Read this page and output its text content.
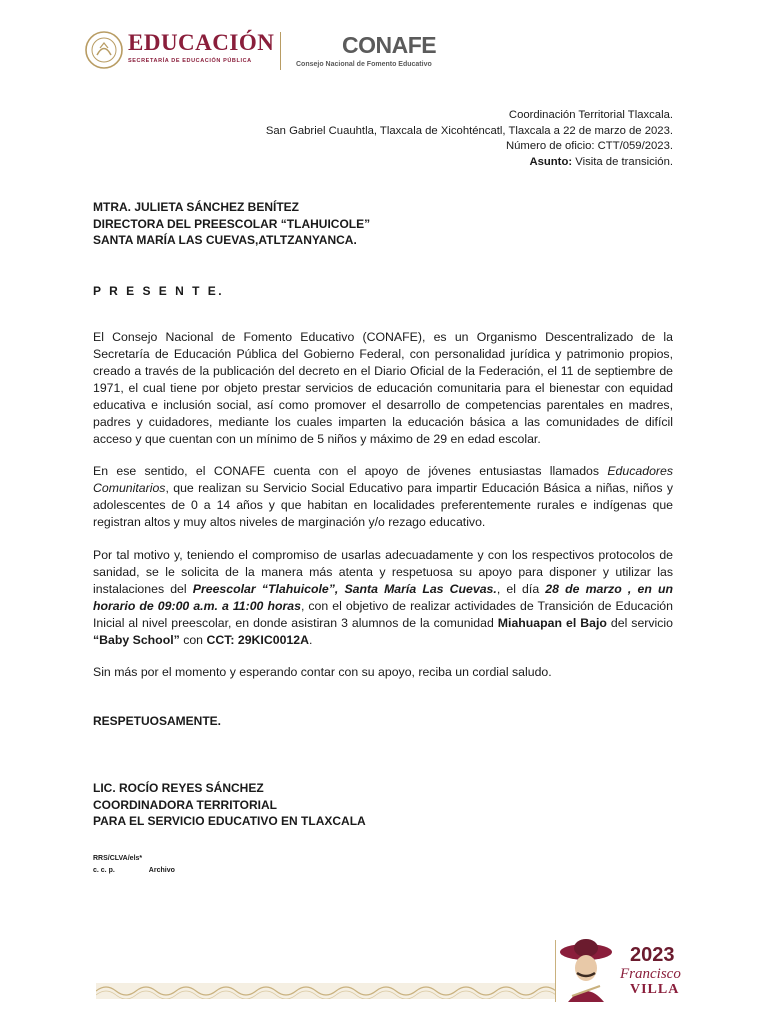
EDUCACIÓN
SECRETARÍA DE EDUCACIÓN PÚBLICA
CONAFE
Consejo Nacional de Fomento Educativo
Coordinación Territorial Tlaxcala.
San Gabriel Cuauhtla, Tlaxcala de Xicohténcatl, Tlaxcala a 22 de marzo de 2023.
Número de oficio: CTT/059/2023.
Asunto: Visita de transición.
MTRA. JULIETA SÁNCHEZ BENÍTEZ
DIRECTORA DEL PREESCOLAR “TLAHUICOLE”
SANTA MARÍA LAS CUEVAS,ATLTZANYANCA.
P R E S E N T E.

El Consejo Nacional de Fomento Educativo (CONAFE), es un Organismo Descentralizado de la Secretaría de Educación Pública del Gobierno Federal, con personalidad jurídica y patrimonio propios, creado a través de la publicación del decreto en el Diario Oficial de la Federación, el 11 de septiembre de 1971, el cual tiene por objeto prestar servicios de educación comunitaria para el bienestar con equidad educativa e inclusión social, así como promover el desarrollo de competencias parentales en madres, padres y cuidadores, mediante los cuales imparten la educación básica a las comunidades de difícil acceso y que cuentan con un mínimo de 5 niños y máximo de 29 en edad escolar.

En ese sentido, el CONAFE cuenta con el apoyo de jóvenes entusiastas llamados Educadores Comunitarios, que realizan su Servicio Social Educativo para impartir Educación Básica a niñas, niños y adolescentes de 0 a 14 años y que habitan en localidades preferentemente rurales e indígenas que registran altos y muy altos niveles de marginación y/o rezago educativo.

Por tal motivo y, teniendo el compromiso de usarlas adecuadamente y con los respectivos protocolos de sanidad, se le solicita de la manera más atenta y respetuosa su apoyo para disponer y utilizar las instalaciones del Preescolar “Tlahuicole”, Santa María Las Cuevas., el día 28 de marzo , en un horario de 09:00 a.m. a 11:00 horas, con el objetivo de realizar actividades de Transición de Educación Inicial al nivel preescolar, en donde asistiran 3 alumnos de la comunidad Miahuapan el Bajo del servicio “Baby School” con CCT: 29KIC0012A.

Sin más por el momento y esperando contar con su apoyo, reciba un cordial saludo.

RESPETUOSAMENTE.
LIC. ROCÍO REYES SÁNCHEZ
COORDINADORA TERRITORIAL
PARA EL SERVICIO EDUCATIVO EN TLAXCALA
RRS/CLVA/els*
c. c. p.	Archivo
2023
Francisco
VILLA
